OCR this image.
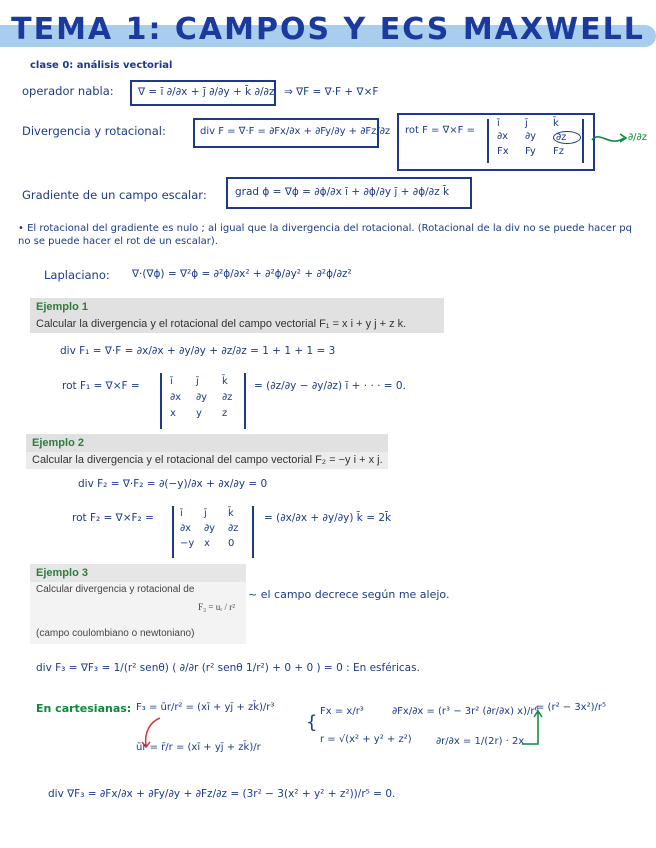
TEMA 1: CAMPOS Y ECS MAXWELL
clase 0: análisis vectorial
operador nabla: ∇ = ī ∂/∂x + j̄ ∂/∂y + k̄ ∂/∂z ⇒ ∇F = ∇·F + ∇×F
Divergencia y rotacional:	div F = ∇·F = ∂Fx/∂x + ∂Fy/∂y + ∂Fz/∂z rot F = ∇×F =
ī	j̄	k̄
∂x	∂y	∂z
Fx	Fy	Fz
∂/∂z
Gradiente de un campo escalar:	grad ϕ = ∇ϕ = ∂ϕ/∂x ī + ∂ϕ/∂y j̄ + ∂ϕ/∂z k̄
• El rotacional del gradiente es nulo ; al igual que la divergencia del rotacional. (Rotacional de la div no se puede hacer pq no se puede hacer el rot de un escalar).
Laplaciano: ∇·(∇ϕ) = ∇²ϕ = ∂²ϕ/∂x² + ∂²ϕ/∂y² + ∂²ϕ/∂z²
Ejemplo 1
Calcular la divergencia y el rotacional del campo vectorial F₁ = x i + y j + z k.
div F₁ = ∇·F = ∂x/∂x + ∂y/∂y + ∂z/∂z = 1 + 1 + 1 = 3
rot F₁ = ∇×F =	ī	j̄	k̄
∂x	∂y	∂z
x	y	z
= (∂z/∂y − ∂y/∂z) ī + · · · = 0.
Ejemplo 2
Calcular la divergencia y el rotacional del campo vectorial F₂ = −y i + x j.
div F₂ = ∇·F₂ = ∂(−y)/∂x + ∂x/∂y = 0
rot F₂ = ∇×F₂ =	ī	j̄	k̄
∂x	∂y	∂z
−y x	0
= (∂x/∂x + ∂y/∂y) k̄ = 2k̄
Ejemplo 3
Calcular divergencia y rotacional de
F₃ = uᵣ / r²
(campo coulombiano o newtoniano)
~ el campo decrece según me alejo.
div F₃ = ∇F₃ = 1/(r² senθ) ( ∂/∂r (r² senθ 1/r²) + 0 + 0 ) = 0 : En esféricas.
En cartesianas: F₃ = ūr/r² = (xī + yj̄ + zk̄)/r³
ūr = r̄/r = (xī + yj̄ + zk̄)/r
{
Fx = x/r³	∂Fx/∂x = (r³ − 3r² (∂r/∂x) x)/r⁶
r = √(x² + y² + z²) ∂r/∂x = 1/(2r) · 2x
= (r² − 3x²)/r⁵
div ∇F₃ = ∂Fx/∂x + ∂Fy/∂y + ∂Fz/∂z = (3r² − 3(x² + y² + z²))/r⁵ = 0.
